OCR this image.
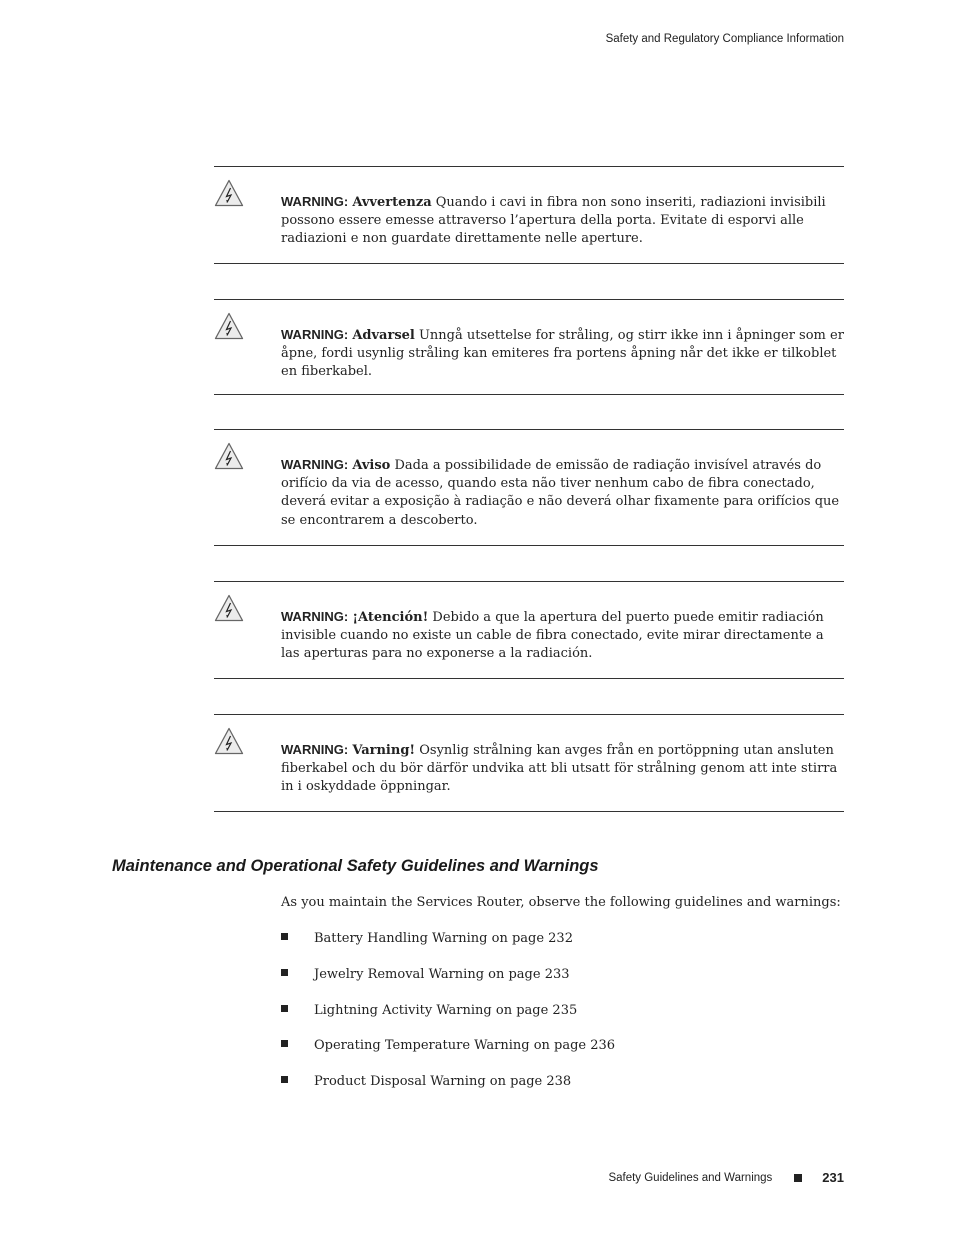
Safety and Regulatory Compliance Information
WARNING: Avvertenza Quando i cavi in fibra non sono inseriti, radiazioni invisibili possono essere emesse attraverso l’apertura della porta. Evitate di esporvi alle radiazioni e non guardate direttamente nelle aperture.
WARNING: Advarsel Unngå utsettelse for stråling, og stirr ikke inn i åpninger som er åpne, fordi usynlig stråling kan emiteres fra portens åpning når det ikke er tilkoblet en fiberkabel.
WARNING: Aviso Dada a possibilidade de emissão de radiação invisível através do orifício da via de acesso, quando esta não tiver nenhum cabo de fibra conectado, deverá evitar a exposição à radiação e não deverá olhar fixamente para orifícios que se encontrarem a descoberto.
WARNING: ¡Atención! Debido a que la apertura del puerto puede emitir radiación invisible cuando no existe un cable de fibra conectado, evite mirar directamente a las aperturas para no exponerse a la radiación.
WARNING: Varning! Osynlig strålning kan avges från en portöppning utan ansluten fiberkabel och du bör därför undvika att bli utsatt för strålning genom att inte stirra in i oskyddade öppningar.
Maintenance and Operational Safety Guidelines and Warnings
As you maintain the Services Router, observe the following guidelines and warnings:
Battery Handling Warning on page 232
Jewelry Removal Warning on page 233
Lightning Activity Warning on page 235
Operating Temperature Warning on page 236
Product Disposal Warning on page 238
Safety Guidelines and Warnings	231
